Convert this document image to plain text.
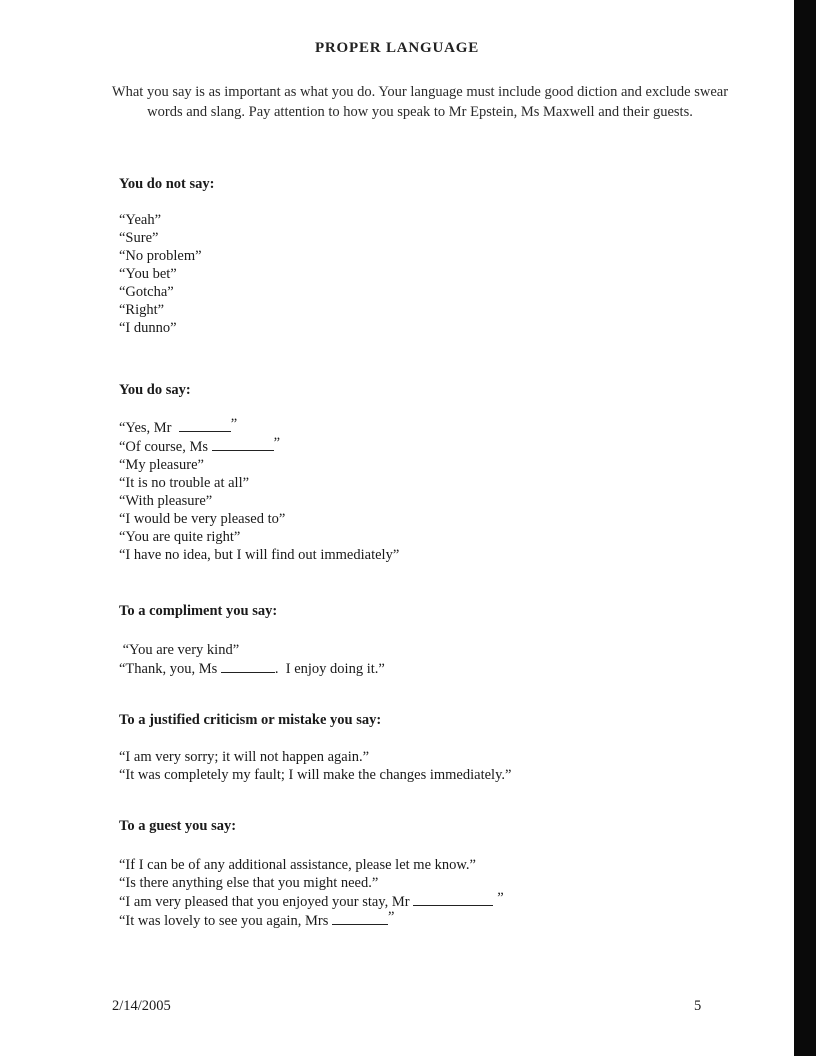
PROPER LANGUAGE
What you say is as important as what you do. Your language must include good diction and exclude swear words and slang. Pay attention to how you speak to Mr Epstein, Ms Maxwell and their guests.
You do not say:
“Yeah”
“Sure”
“No problem”
“You bet”
“Gotcha”
“Right”
“I dunno”
You do say:
“Yes, Mr	”
“Of course, Ms	”
“My pleasure”
“It is no trouble at all”
“With pleasure”
“I would be very pleased to”
“You are quite right”
“I have no idea, but I will find out immediately”
To a compliment you say:
“You are very kind”
“Thank, you, Ms	.  I enjoy doing it.”
To a justified criticism or mistake you say:
“I am very sorry; it will not happen again.”
“It was completely my fault; I will make the changes immediately.”
To a guest you say:
“If I can be of any additional assistance, please let me know.”
“Is there anything else that you might need.”
“I am very pleased that you enjoyed your stay, Mr	”
“It was lovely to see you again, Mrs	”
2/14/2005	5
